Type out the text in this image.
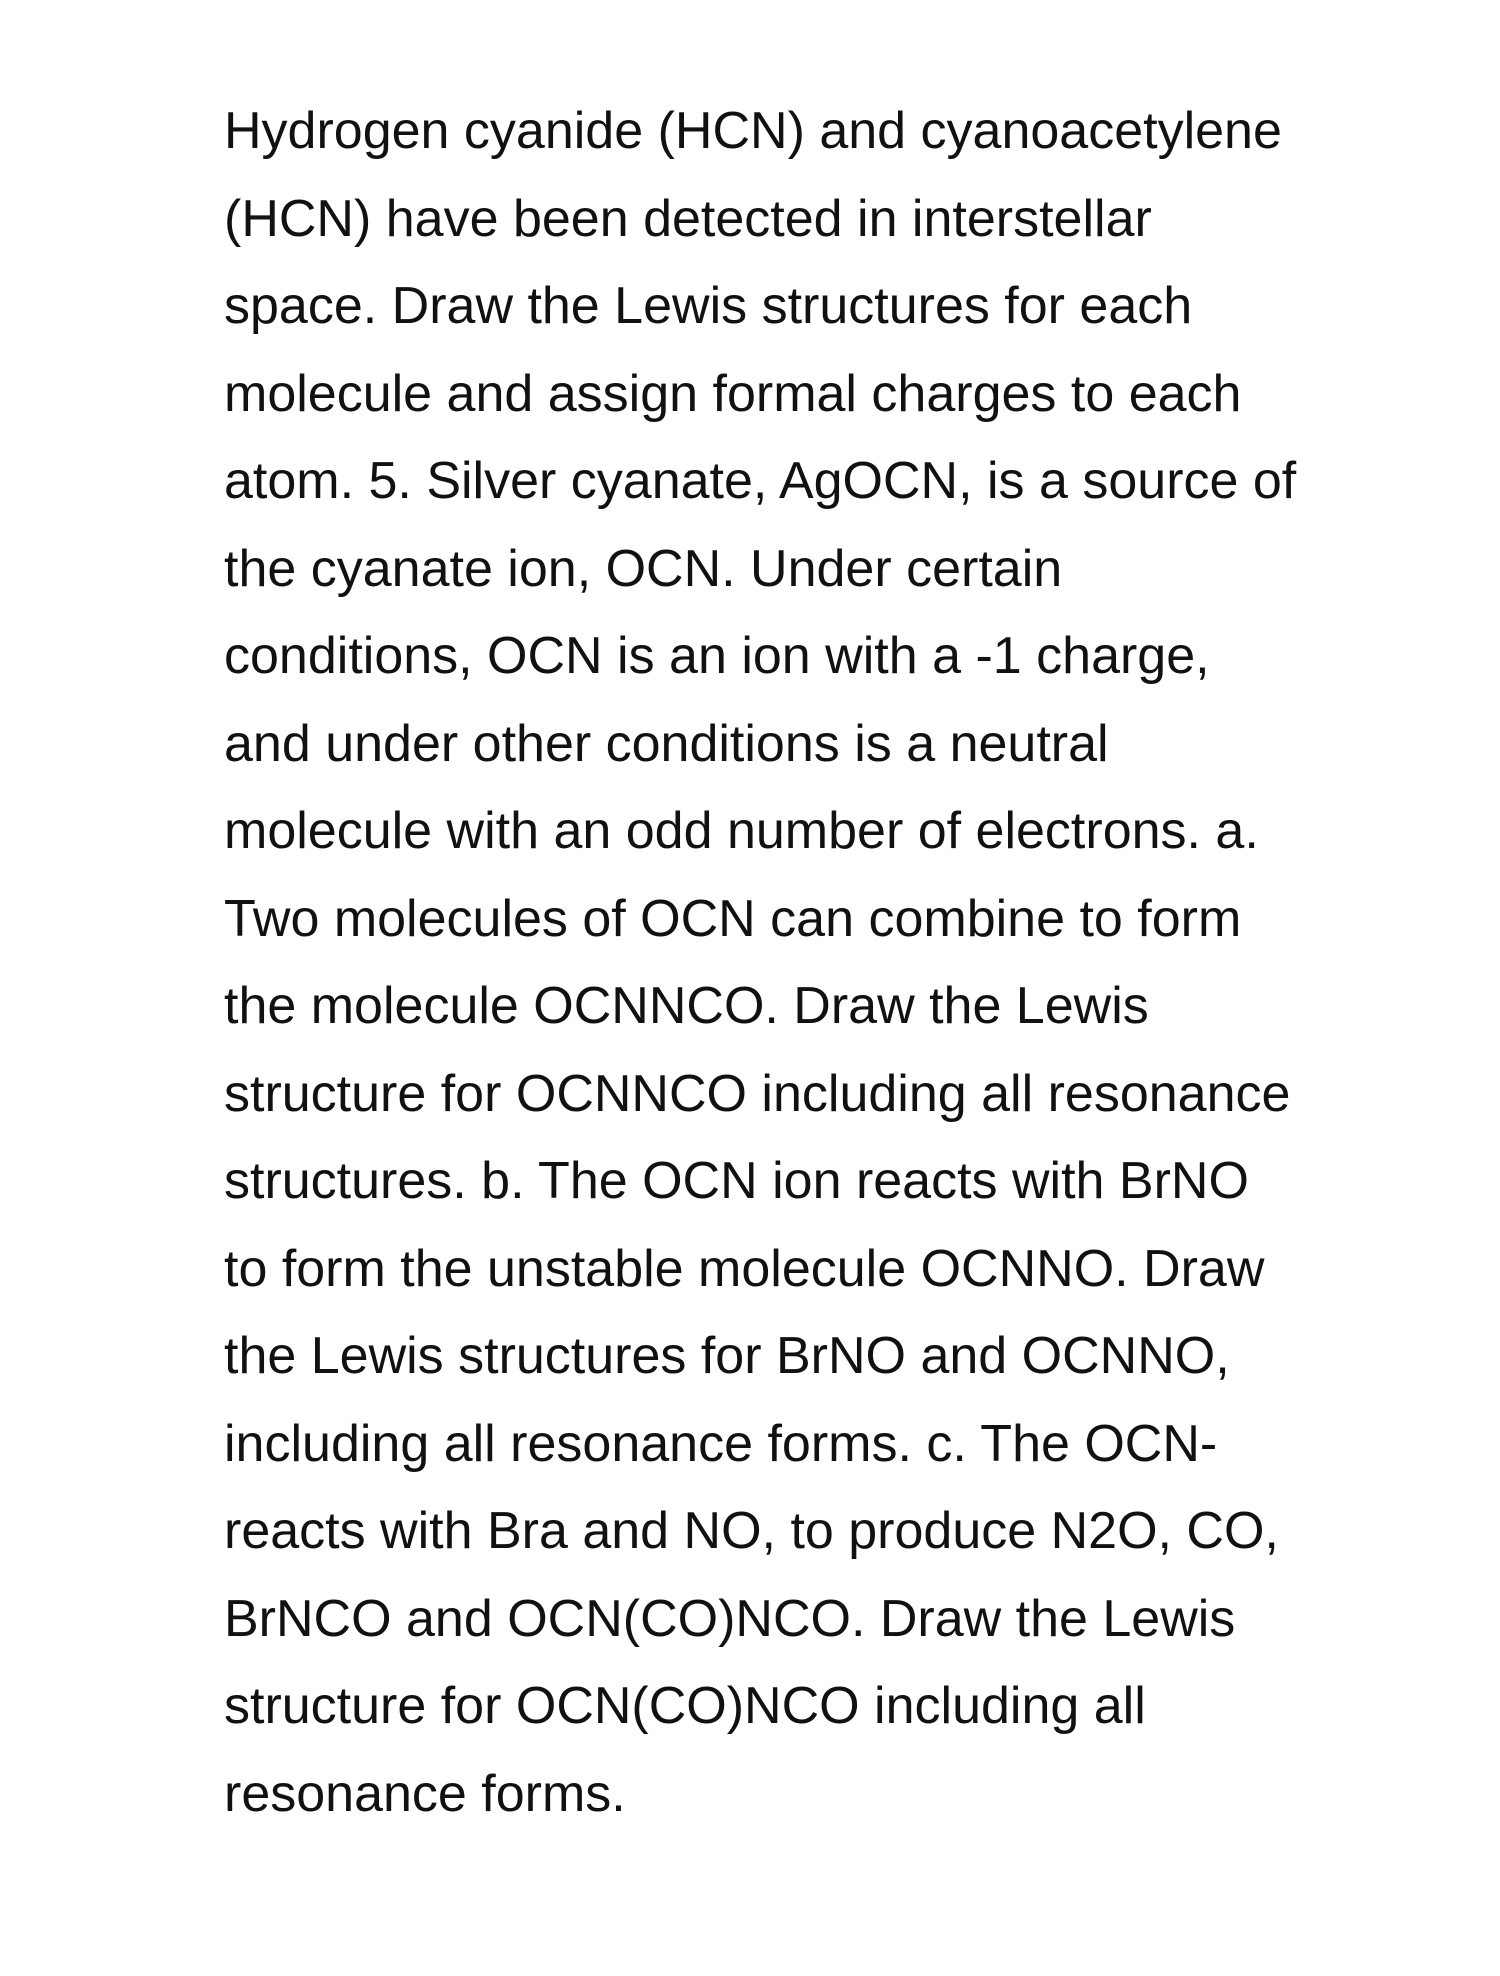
Hydrogen cyanide (HCN) and cyanoacetylene
(HCN) have been detected in interstellar
space. Draw the Lewis structures for each
molecule and assign formal charges to each
atom. 5. Silver cyanate, AgOCN, is a source of
the cyanate ion, OCN. Under certain
conditions, OCN is an ion with a -1 charge,
and under other conditions is a neutral
molecule with an odd number of electrons. a.
Two molecules of OCN can combine to form
the molecule OCNNCO. Draw the Lewis
structure for OCNNCO including all resonance
structures. b. The OCN ion reacts with BrNO
to form the unstable molecule OCNNO. Draw
the Lewis structures for BrNO and OCNNO,
including all resonance forms. c. The OCN-
reacts with Bra and NO, to produce N2O, CO,
BrNCO and OCN(CO)NCO. Draw the Lewis
structure for OCN(CO)NCO including all
resonance forms.
